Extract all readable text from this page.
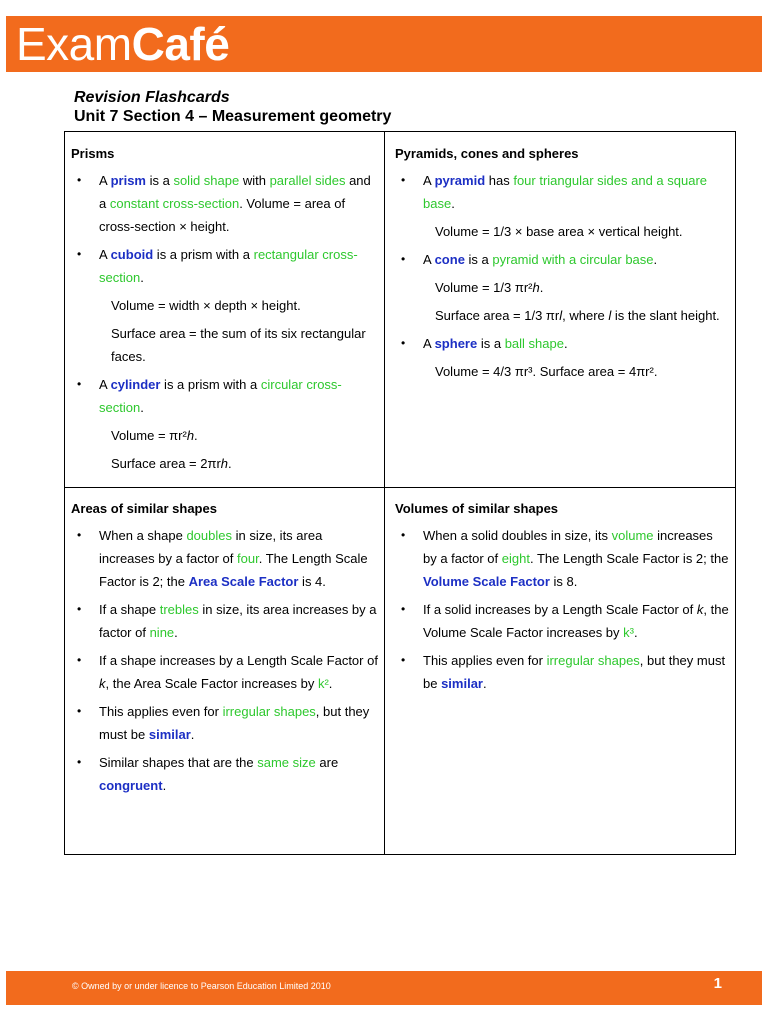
ExamCafé
Revision Flashcards
Unit 7 Section 4 – Measurement geometry
Prisms
• A prism is a solid shape with parallel sides and a constant cross-section. Volume = area of cross-section × height.
• A cuboid is a prism with a rectangular cross-section.
Volume = width × depth × height.
Surface area = the sum of its six rectangular faces.
• A cylinder is a prism with a circular cross-section.
Volume = πr²h.
Surface area = 2πrh.
Pyramids, cones and spheres
• A pyramid has four triangular sides and a square base.
Volume = 1/3 × base area × vertical height.
• A cone is a pyramid with a circular base.
Volume = 1/3 πr²h.
Surface area = 1/3 πrl, where l is the slant height.
• A sphere is a ball shape.
Volume = 4/3 πr³. Surface area = 4πr².
Areas of similar shapes
• When a shape doubles in size, its area increases by a factor of four. The Length Scale Factor is 2; the Area Scale Factor is 4.
• If a shape trebles in size, its area increases by a factor of nine.
• If a shape increases by a Length Scale Factor of k, the Area Scale Factor increases by k².
• This applies even for irregular shapes, but they must be similar.
• Similar shapes that are the same size are congruent.
Volumes of similar shapes
• When a solid doubles in size, its volume increases by a factor of eight. The Length Scale Factor is 2; the Volume Scale Factor is 8.
• If a solid increases by a Length Scale Factor of k, the Volume Scale Factor increases by k³.
• This applies even for irregular shapes, but they must be similar.
© Owned by or under licence to Pearson Education Limited 2010	1
